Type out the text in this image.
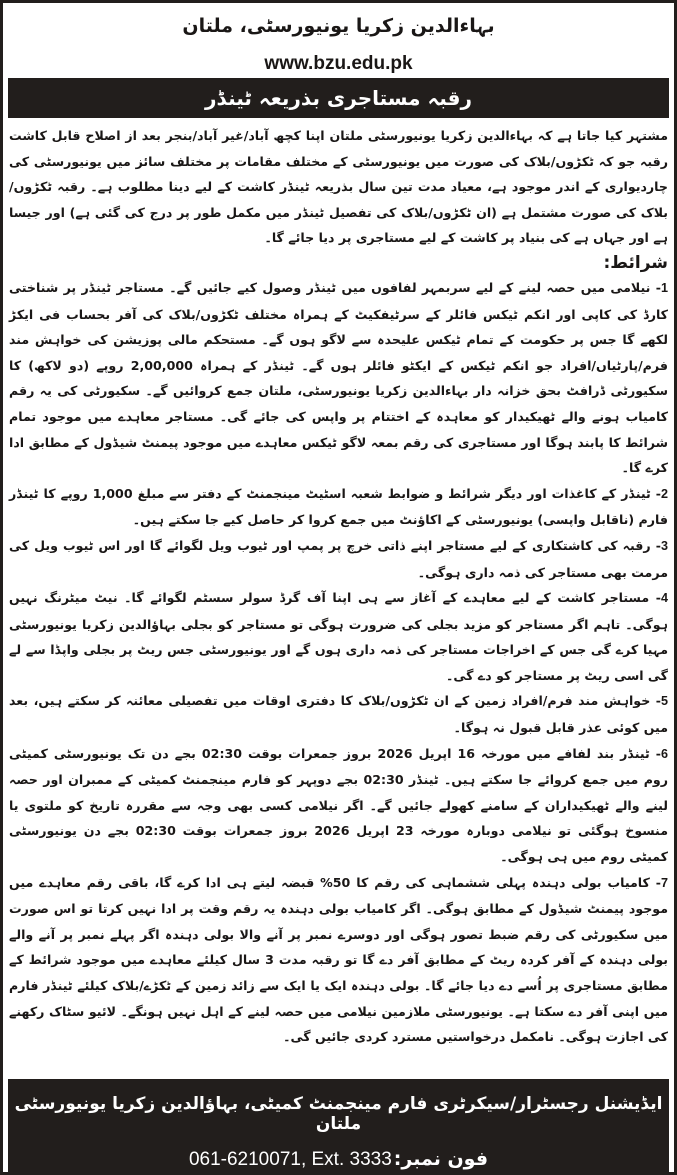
بہاءالدین زکریا یونیورسٹی، ملتان
www.bzu.edu.pk
رقبہ مستاجری بذریعہ ٹینڈر

مشتہر کیا جاتا ہے کہ بہاءالدین زکریا یونیورسٹی ملتان اپنا کچھ آباد/غیر آباد/بنجر بعد از اصلاح قابل کاشت رقبہ جو کہ ٹکڑوں/بلاک کی صورت میں یونیورسٹی کے مختلف مقامات پر مختلف سائز میں یونیورسٹی کی چاردیواری کے اندر موجود ہے، معیاد مدت تین سال بذریعہ ٹینڈر کاشت کے لیے دینا مطلوب ہے۔ رقبہ ٹکڑوں/بلاک کی صورت مشتمل ہے (ان ٹکڑوں/بلاک کی تفصیل ٹینڈر میں مکمل طور پر درج کی گئی ہے) اور جیسا ہے اور جہاں ہے کی بنیاد پر کاشت کے لیے مستاجری پر دیا جائے گا۔

شرائط:

1- نیلامی میں حصہ لینے کے لیے سربمہر لفافوں میں ٹینڈر وصول کیے جائیں گے۔ مستاجر ٹینڈر پر شناختی کارڈ کی کاپی اور انکم ٹیکس فائلر کے سرٹیفکیٹ کے ہمراہ مختلف ٹکڑوں/بلاک کی آفر بحساب فی ایکڑ لکھے گا جس پر حکومت کے تمام ٹیکس علیحدہ سے لاگو ہوں گے۔ مستحکم مالی پوزیشن کی خواہش مند فرم/پارٹیاں/افراد جو انکم ٹیکس کے ایکٹو فائلر ہوں گے۔ ٹینڈر کے ہمراہ 2,00,000 روپے (دو لاکھ) کا سکیورٹی ڈرافٹ بحق خزانہ دار بہاءالدین زکریا یونیورسٹی، ملتان جمع کروائیں گے۔ سکیورٹی کی یہ رقم کامیاب ہونے والے ٹھیکیدار کو معاہدہ کے اختتام پر واپس کی جائے گی۔ مستاجر معاہدے میں موجود تمام شرائط کا پابند ہوگا اور مستاجری کی رقم بمعہ لاگو ٹیکس معاہدے میں موجود پیمنٹ شیڈول کے مطابق ادا کرے گا۔

2- ٹینڈر کے کاغذات اور دیگر شرائط و ضوابط شعبہ اسٹیٹ مینجمنٹ کے دفتر سے مبلغ 1,000 روپے کا ٹینڈر فارم (ناقابل واپسی) یونیورسٹی کے اکاؤنٹ میں جمع کروا کر حاصل کیے جا سکتے ہیں۔

3- رقبہ کی کاشتکاری کے لیے مستاجر اپنے ذاتی خرچ پر پمپ اور ٹیوب ویل لگوائے گا اور اس ٹیوب ویل کی مرمت بھی مستاجر کی ذمہ داری ہوگی۔

4- مستاجر کاشت کے لیے معاہدے کے آغاز سے ہی اپنا آف گرڈ سولر سسٹم لگوائے گا۔ نیٹ میٹرنگ نہیں ہوگی۔ تاہم اگر مستاجر کو مزید بجلی کی ضرورت ہوگی تو مستاجر کو بجلی بہاؤالدین زکریا یونیورسٹی مہیا کرے گی جس کے اخراجات مستاجر کی ذمہ داری ہوں گے اور یونیورسٹی جس ریٹ پر بجلی واپڈا سے لے گی اسی ریٹ پر مستاجر کو دے گی۔

5- خواہش مند فرم/افراد زمین کے ان ٹکڑوں/بلاک کا دفتری اوقات میں تفصیلی معائنہ کر سکتے ہیں، بعد میں کوئی عذر قابل قبول نہ ہوگا۔

6- ٹینڈر بند لفافے میں مورخہ 16 اپریل 2026 بروز جمعرات بوقت 02:30 بجے دن تک یونیورسٹی کمیٹی روم میں جمع کروائے جا سکتے ہیں۔ ٹینڈر 02:30 بجے دوپہر کو فارم مینجمنٹ کمیٹی کے ممبران اور حصہ لینے والے ٹھیکیداران کے سامنے کھولے جائیں گے۔ اگر نیلامی کسی بھی وجہ سے مقررہ تاریخ کو ملتوی یا منسوخ ہوگئی تو نیلامی دوبارہ مورخہ 23 اپریل 2026 بروز جمعرات بوقت 02:30 بجے دن یونیورسٹی کمیٹی روم میں ہی ہوگی۔

7- کامیاب بولی دہندہ پہلی ششماہی کی رقم کا 50% قبضہ لیتے ہی ادا کرے گا، باقی رقم معاہدے میں موجود پیمنٹ شیڈول کے مطابق ہوگی۔ اگر کامیاب بولی دہندہ یہ رقم وقت پر ادا نہیں کرتا تو اس صورت میں سکیورٹی کی رقم ضبط تصور ہوگی اور دوسرے نمبر پر آنے والا بولی دہندہ اگر پہلے نمبر پر آنے والے بولی دہندہ کے آفر کردہ ریٹ کے مطابق آفر دے گا تو رقبہ مدت 3 سال کیلئے معاہدے میں موجود شرائط کے مطابق مستاجری پر اُسے دے دیا جائے گا۔ بولی دہندہ ایک یا ایک سے زائد زمین کے ٹکڑے/بلاک کیلئے ٹینڈر فارم میں اپنی آفر دے سکتا ہے۔ یونیورسٹی ملازمین نیلامی میں حصہ لینے کے اہل نہیں ہونگے۔ لائیو سٹاک رکھنے کی اجازت ہوگی۔ نامکمل درخواستیں مسترد کردی جائیں گی۔

ایڈیشنل رجسٹرار/سیکرٹری فارم مینجمنٹ کمیٹی، بہاؤالدین زکریا یونیورسٹی ملتان
061-6210071, Ext. 3333 فون نمبر:
